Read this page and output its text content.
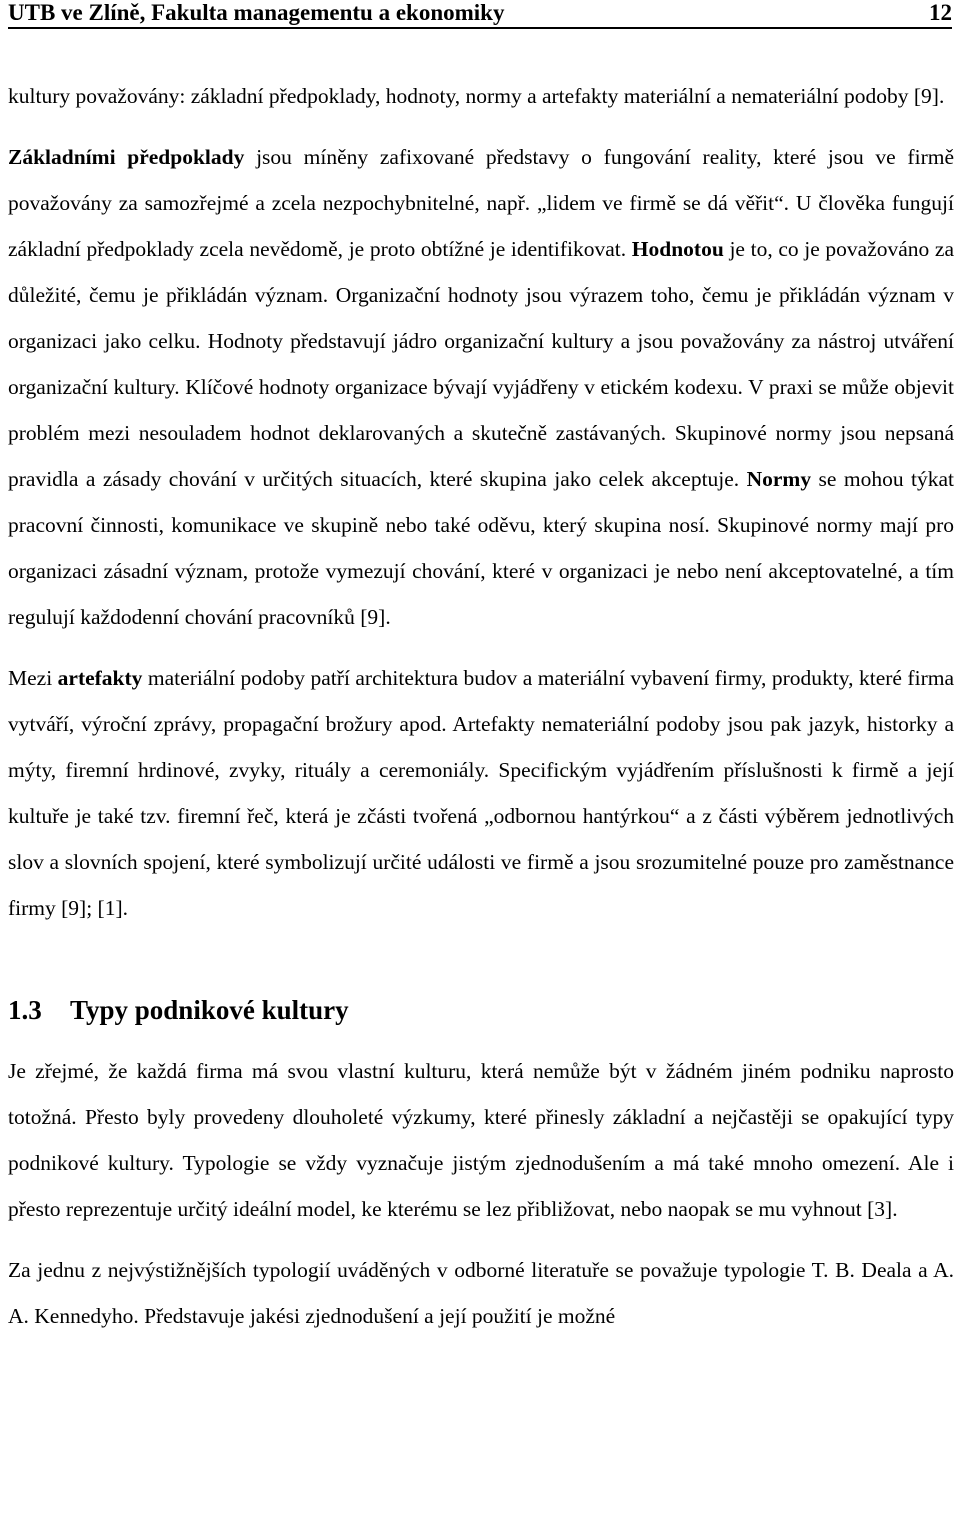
UTB ve Zlíně, Fakulta managementu a ekonomiky	12

kultury považovány: základní předpoklady, hodnoty, normy a artefakty materiální a nemateriální podoby [9].

Základními předpoklady jsou míněny zafixované představy o fungování reality, které jsou ve firmě považovány za samozřejmé a zcela nezpochybnitelné, např. „lidem ve firmě se dá věřit“. U člověka fungují základní předpoklady zcela nevědomě, je proto obtížné je identifikovat. Hodnotou je to, co je považováno za důležité, čemu je přikládán význam. Organizační hodnoty jsou výrazem toho, čemu je přikládán význam v organizaci jako celku. Hodnoty představují jádro organizační kultury a jsou považovány za nástroj utváření organizační kultury. Klíčové hodnoty organizace bývají vyjádřeny v etickém kodexu. V praxi se může objevit problém mezi nesouladem hodnot deklarovaných a skutečně zastávaných. Skupinové normy jsou nepsaná pravidla a zásady chování v určitých situacích, které skupina jako celek akceptuje. Normy se mohou týkat pracovní činnosti, komunikace ve skupině nebo také oděvu, který skupina nosí. Skupinové normy mají pro organizaci zásadní význam, protože vymezují chování, které v organizaci je nebo není akceptovatelné, a tím regulují každodenní chování pracovníků [9].

Mezi artefakty materiální podoby patří architektura budov a materiální vybavení firmy, produkty, které firma vytváří, výroční zprávy, propagační brožury apod. Artefakty nemateriální podoby jsou pak jazyk, historky a mýty, firemní hrdinové, zvyky, rituály a ceremoniály. Specifickým vyjádřením příslušnosti k firmě a její kultuře je také tzv. firemní řeč, která je zčásti tvořená „odbornou hantýrkou“ a z části výběrem jednotlivých slov a slovních spojení, které symbolizují určité události ve firmě a jsou srozumitelné pouze pro zaměstnance firmy [9]; [1].

1.3	Typy podnikové kultury

Je zřejmé, že každá firma má svou vlastní kulturu, která nemůže být v žádném jiném podniku naprosto totožná. Přesto byly provedeny dlouholeté výzkumy, které přinesly základní a nejčastěji se opakující typy podnikové kultury. Typologie se vždy vyznačuje jistým zjednodušením a má také mnoho omezení. Ale i přesto reprezentuje určitý ideální model, ke kterému se lez přibližovat, nebo naopak se mu vyhnout [3].

Za jednu z nejvýstižnějších typologií uváděných v odborné literatuře se považuje typologie T. B. Deala a A. A. Kennedyho. Představuje jakési zjednodušení a její použití je možné
